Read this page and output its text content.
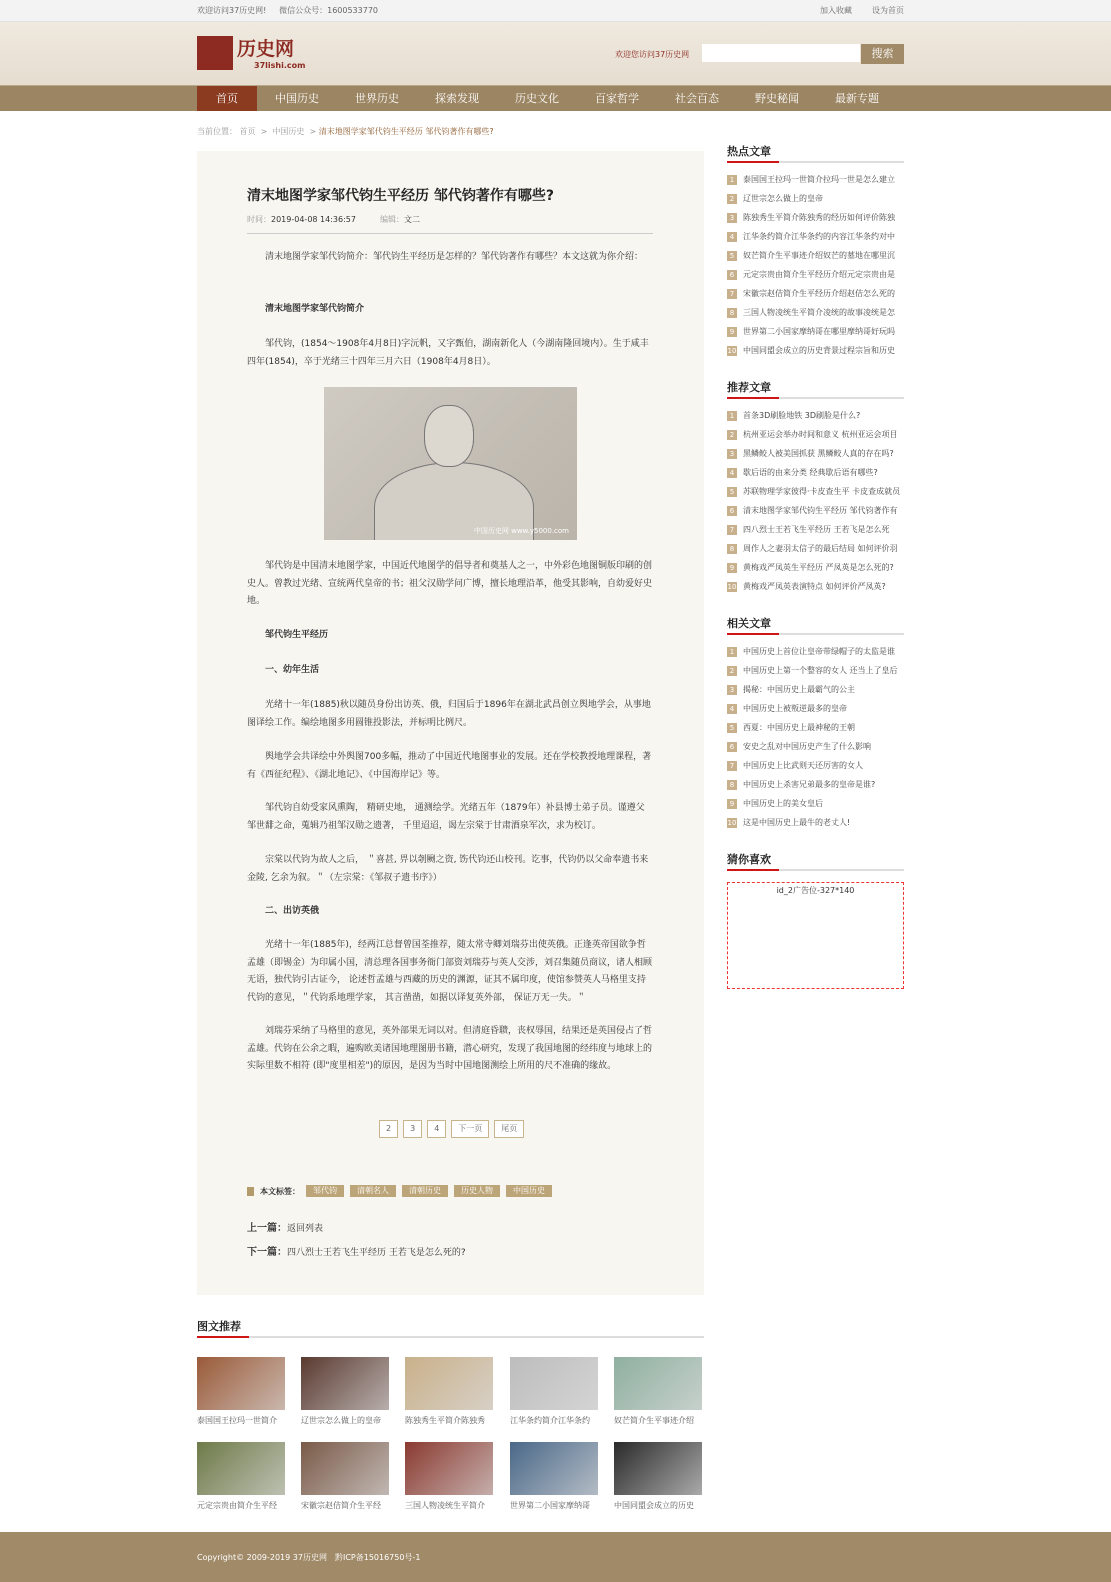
欢迎访问37历史网! 微信公众号：1600533770	加入收藏	设为首页
历史网
37lishi.com
欢迎您访问37历史网	搜索
首页	中国历史	世界历史	探索发现	历史文化	百家哲学	社会百态	野史秘闻	最新专题
当前位置： 首页 > 中国历史 > 清末地图学家邹代钧生平经历 邹代钧著作有哪些?
清末地图学家邹代钧生平经历 邹代钧著作有哪些?
时间：2019-04-08 14:36:57	编辑：文二

清末地图学家邹代钧简介：邹代钧生平经历是怎样的？邹代钧著作有哪些？本文这就为你介绍：

清末地图学家邹代钧简介

邹代钧，(1854～1908年4月8日)字沅帆，又字甄伯，湖南新化人（今湖南隆回境内）。生于咸丰四年(1854)，卒于光绪三十四年三月六日（1908年4月8日）。

中国历史网 www.y5000.com

邹代钧是中国清末地图学家，中国近代地图学的倡导者和奠基人之一，中外彩色地图铜版印刷的创史人。曾教过光绪、宣统两代皇帝的书；祖父汉勋学问广博，擅长地理沿革，他受其影响，自幼爱好史地。

邹代钧生平经历

一、幼年生活

光绪十一年(1885)秋以随员身份出访英、俄，归国后于1896年在湖北武昌创立舆地学会，从事地图译绘工作。编绘地图多用圆锥投影法，并标明比例尺。

舆地学会共译绘中外舆图700多幅，推动了中国近代地图事业的发展。还在学校教授地理课程，著有《西征纪程》、《湖北地记》、《中国海岸记》等。

邹代钧自幼受家风熏陶， 精研史地， 通测绘学。光绪五年（1879年）补县博士弟子员。谨遵父邹世馡之命，蒐辑乃祖邹汉勋之遗著， 千里迢迢，谒左宗棠于甘肃酒泉军次，求为校订。

宗棠以代钧为故人之后， ＂喜甚, 畀以剞劂之资, 饬代钧还山校刊。讫事，代钧仍以父命奉遗书来金陵, 乞余为叙。＂（左宗棠：《邹叔子遗书序》）

二、出访英俄

光绪十一年(1885年)，经两江总督曾国荃推荐，随太常寺卿刘瑞芬出使英俄。正逢英帝国欲争哲孟雄（即锡金）为印属小国，清总理各国事务衙门部资刘瑞芬与英人交涉，刘召集随员商议，诸人相顾无语，独代钧引古证今， 论述哲孟雄与西藏的历史的渊源，证其不属印度，使馆参赞英人马格里支持代钧的意见，＂代钧系地理学家， 其言凿凿，如据以译复英外部， 保证万无一失。＂

刘瑞芬采纳了马格里的意见，英外部果无词以对。但清庭昏聩，丧权辱国，结果还是英国侵占了哲孟雄。代钧在公余之暇，遍购欧美诸国地理图册书籍，潜心研究，发现了我国地图的经纬度与地球上的实际里数不相符 (即"度里相差")的原因，是因为当时中国地图测绘上所用的尺不准确的缘故。

2	3	4	下一页	尾页
本文标签：	邹代钧	清朝名人	清朝历史	历史人物	中国历史
上一篇：返回列表
下一篇：四八烈士王若飞生平经历 王若飞是怎么死的?
热点文章
1 泰国国王拉玛一世简介拉玛一世是怎么建立
2 辽世宗怎么做上的皇帝
3 陈独秀生平简介陈独秀的经历如何评价陈独
4 江华条约简介江华条约的内容江华条约对中
5 奴芒简介生平事迹介绍奴芒的墓地在哪里沉
6 元定宗贵由简介生平经历介绍元定宗贵由是
7 宋徽宗赵佶简介生平经历介绍赵佶怎么死的
8 三国人物凌统生平简介凌统的故事凌统是怎
9 世界第二小国家摩纳哥在哪里摩纳哥好玩吗
10 中国同盟会成立的历史背景过程宗旨和历史
推荐文章
1 首条3D刷脸地铁 3D刷脸是什么?
2 杭州亚运会举办时间和意义 杭州亚运会项目
3 黑鳞鲛人被美国抓获 黑鳞鲛人真的存在吗?
4 歇后语的由来分类 经典歇后语有哪些?
5 苏联物理学家彼得·卡皮查生平 卡皮查成就员
6 清末地图学家邹代钧生平经历 邹代钧著作有
7 四八烈士王若飞生平经历 王若飞是怎么死
8 周作人之妻羽太信子的最后结局 如何评价羽
9 黄梅戏严凤英生平经历 严凤英是怎么死的?
10 黄梅戏严凤英表演特点 如何评价严凤英?
相关文章
1 中国历史上首位让皇帝带绿帽子的太监是谁
2 中国历史上第一个整容的女人 还当上了皇后
3 揭秘：中国历史上最霸气的公主
4 中国历史上被叛逆最多的皇帝
5 西夏：中国历史上最神秘的王朝
6 安史之乱对中国历史产生了什么影响
7 中国历史上比武则天还厉害的女人
8 中国历史上杀害兄弟最多的皇帝是谁?
9 中国历史上的美女皇后
10 这是中国历史上最牛的老丈人!
猜你喜欢
id_2广告位-327*140
图文推荐
泰国国王拉玛一世简介	辽世宗怎么做上的皇帝	陈独秀生平简介陈独秀	江华条约简介江华条约	奴芒简介生平事迹介绍
元定宗贵由简介生平经	宋徽宗赵佶简介生平经	三国人物凌统生平简介	世界第二小国家摩纳哥	中国同盟会成立的历史
Copyright© 2009-2019 37历史网　黔ICP备15016750号-1
